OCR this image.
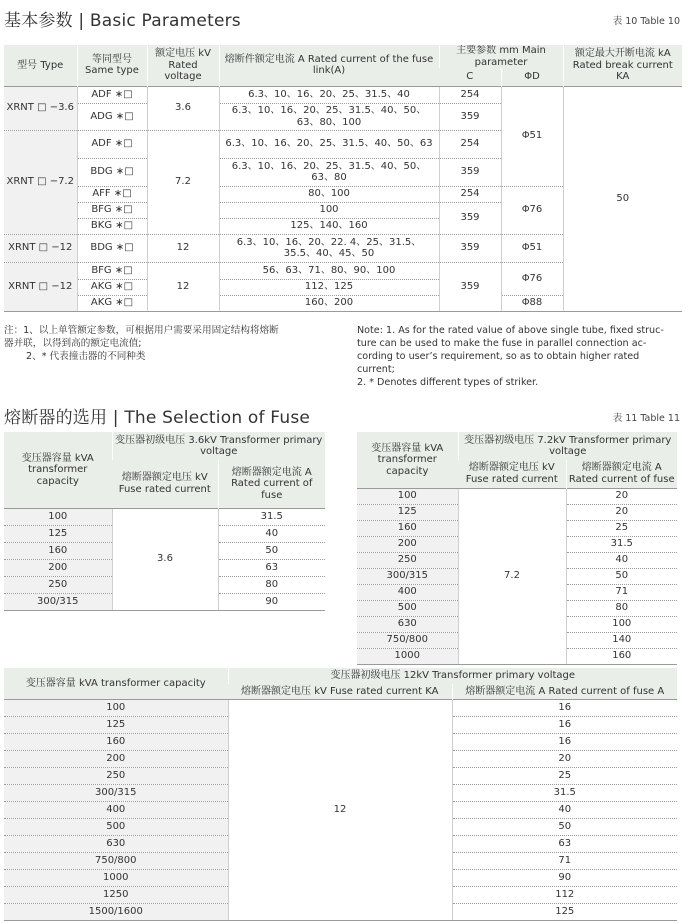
基本参数 | Basic Parameters	表 10 Table 10
型号 Type	等同型号 Same type	额定电压 kV Rated voltage	熔断件额定电流 A Rated current of the fuse link(A)	主要参数 mm Main parameter		额定最大开断电流 kA Rated break current KA
				C	ΦD	
XRNT □ −3.6	ADF ∗□	3.6	6.3、10、16、20、25、31.5、40	254	Φ51	50
	ADG ∗□		6.3、10、16、20、25、31.5、40、50、63、80、100	359		
XRNT □ −7.2	ADF ∗□	7.2	6.3、10、16、20、25、31.5、40、50、63	254		
	BDG ∗□		6.3、10、16、20、25、31.5、40、50、63、80	359		
	AFF ∗□		80、100	254	Φ76	
	BFG ∗□		100	359		
	BKG ∗□		125、140、160			
XRNT □ −12	BDG ∗□	12	6.3、10、16、20、22. 4、25、31.5、35.5、40、45、50	359	Φ51	
XRNT □ −12	BFG ∗□	12	56、63、71、80、90、100	359	Φ76	
	AKG ∗□		112、125			
	AKG ∗□		160、200		Φ88	
注：1、以上单管额定参数，可根据用户需要采用固定结构将熔断
器并联，以得到高的额定电流值;
2、* 代表撞击器的不同种类
Note: 1. As for the rated value of above single tube, fixed struc-
ture can be used to make the fuse in parallel connection ac-
cording to user’s requirement, so as to obtain higher rated
current;
2. * Denotes different types of striker.
熔断器的选用 | The Selection of Fuse	表 11 Table 11
变压器容量 kVA transformer capacity	变压器初级电压 3.6kV Transformer primary voltage	
	熔断器额定电压 kV Fuse rated current	熔断器额定电流 A Rated current of fuse
100	3.6	31.5
125		40
160		50
200		63
250		80
300/315		90
变压器容量 kVA transformer capacity	变压器初级电压 7.2kV Transformer primary voltage	
	熔断器额定电压 kV Fuse rated current	熔断器额定电流 A Rated current of fuse
100	7.2	20
125		20
160		25
200		31.5
250		40
300/315		50
400		71
500		80
630		100
750/800		140
1000		160
变压器容量 kVA transformer capacity	变压器初级电压 12kV Transformer primary voltage	
	熔断器额定电压 kV Fuse rated current KA	熔断器额定电流 A Rated current of fuse A
100	12	16
125		16
160		16
200		20
250		25
300/315		31.5
400		40
500		50
630		63
750/800		71
1000		90
1250		112
1500/1600		125
